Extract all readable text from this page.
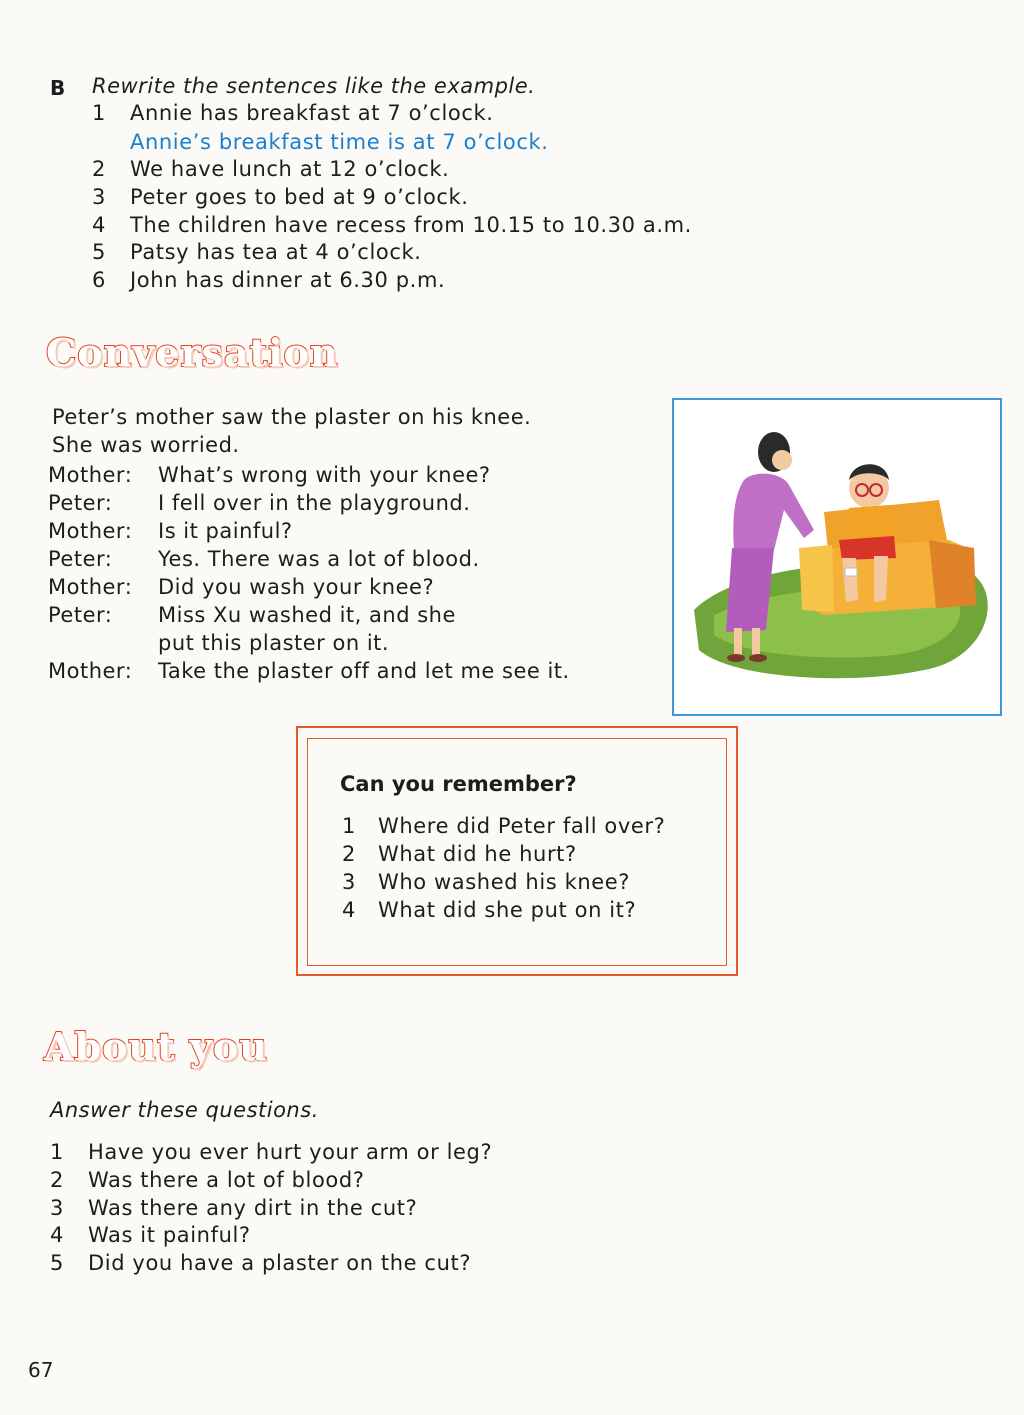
B Rewrite the sentences like the example.
1	Annie has breakfast at 7 o’clock.
Annie’s breakfast time is at 7 o’clock.
2	We have lunch at 12 o’clock.
3	Peter goes to bed at 9 o’clock.
4	The children have recess from 10.15 to 10.30 a.m.
5	Patsy has tea at 4 o’clock.
6	John has dinner at 6.30 p.m.
Conversation
Peter’s mother saw the plaster on his knee.
She was worried.
Mother: What’s wrong with your knee?
Peter: I fell over in the playground.
Mother: Is it painful?
Peter: Yes. There was a lot of blood.
Mother: Did you wash your knee?
Peter: Miss Xu washed it, and she
put this plaster on it.
Mother: Take the plaster off and let me see it.
Can you remember?
1	Where did Peter fall over?
2	What did he hurt?
3	Who washed his knee?
4	What did she put on it?
About you
Answer these questions.
1	Have you ever hurt your arm or leg?
2	Was there a lot of blood?
3	Was there any dirt in the cut?
4	Was it painful?
5	Did you have a plaster on the cut?
67
